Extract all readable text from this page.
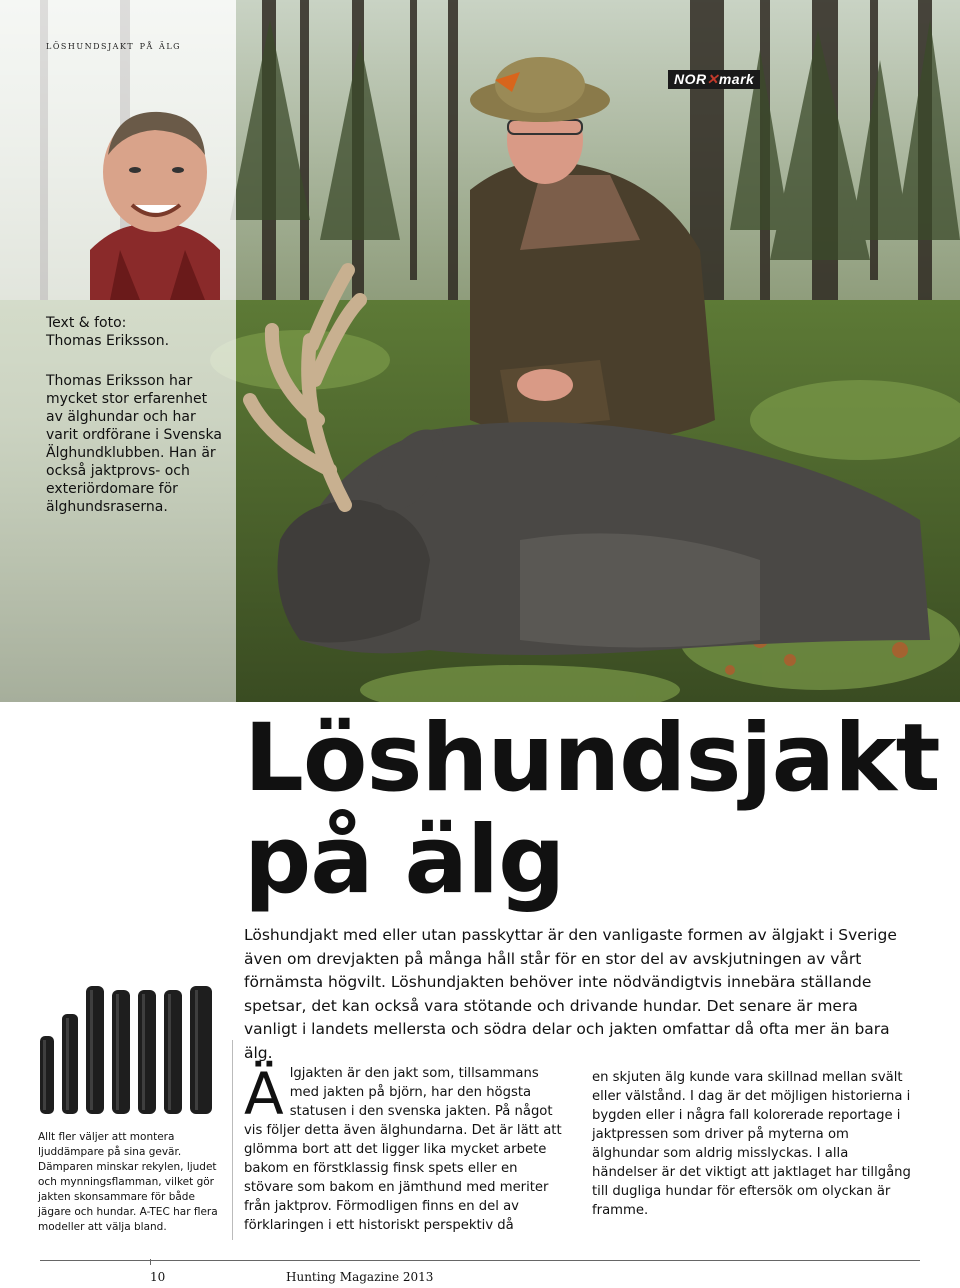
löshundsjakt på älg
NOR✕mark
Text & foto:
Thomas Eriksson.
Thomas Eriksson har mycket stor erfarenhet av älghundar och har varit ordförane i Svenska Älghundklubben. Han är också jaktprovs- och exteriördomare för älghundsraserna.
Löshundsjakt
på älg
Löshundjakt med eller utan passkyttar är den vanligaste formen av älgjakt i Sverige även om drevjakten på många håll står för en stor del av avskjutningen av vårt förnämsta högvilt. Löshundjakten behöver inte nödvändigtvis innebära ställande spetsar, det kan också vara stötande och drivande hundar. Det senare är mera vanligt i landets mellersta och södra delar och jakten omfattar då ofta mer än bara älg.
Älgjakten är den jakt som, tillsammans med jakten på björn, har den högsta statusen i den svenska jakten. På något vis följer detta även älghundarna. Det är lätt att glömma bort att det ligger lika mycket arbete bakom en förstklassig finsk spets eller en stövare som bakom en jämthund med meriter från jaktprov. Förmodligen finns en del av förklaringen i ett historiskt perspektiv då
en skjuten älg kunde vara skillnad mellan svält eller välstånd. I dag är det möjligen historierna i bygden eller i några fall kolorerade reportage i jaktpressen som driver på myterna om älghundar som aldrig misslyckas. I alla händelser är det viktigt att jaktlaget har tillgång till dugliga hundar för eftersök om olyckan är framme.
Allt fler väljer att montera ljuddämpare på sina gevär. Dämparen minskar rekylen, ljudet och mynningsflamman, vilket gör jakten skonsammare för både jägare och hundar. A-TEC har flera modeller att välja bland.
10	Hunting Magazine 2013
